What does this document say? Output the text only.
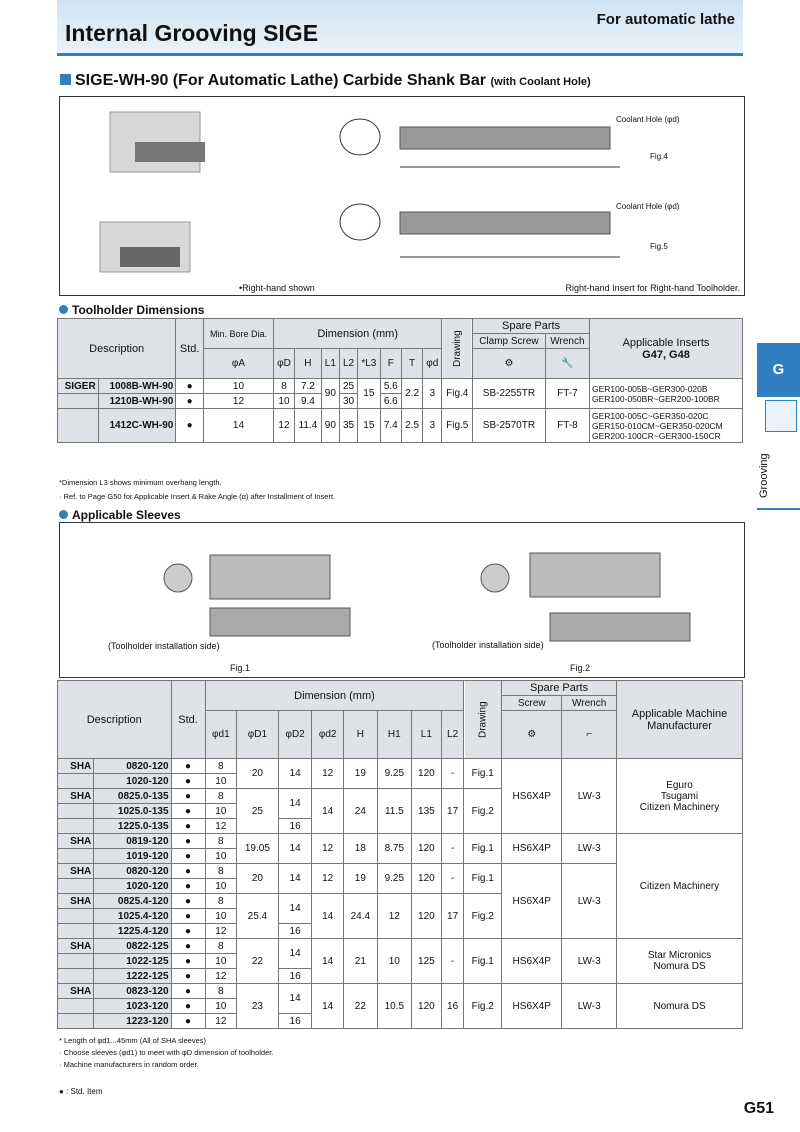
Internal Grooving SIGE
For automatic lathe
SIGE-WH-90 (For Automatic Lathe) Carbide Shank Bar (with Coolant Hole)
Coolant Hole (φd)
Fig.4
Coolant Hole (φd)
Fig.5
•Right-hand shown	Right-hand Insert for Right-hand Toolholder.
Toolholder Dimensions
Description		Std.	Min. Bore Dia.	Dimension (mm)								Drawing	Spare Parts		Applicable Inserts
G47, G48
													Clamp Screw	Wrench	
			φA	φD	H	L1	L2	*L3	F	T	φd		⚙	🔧	
SIGER	1008B-WH-90	●	10	8	7.2	90	25	15	5.6	2.2	3	Fig.4	SB-2255TR	FT-7	GER100-005B~GER300-020B
GER100-050BR~GER200-100BR

	1210B-WH-90	●	12	10	9.4		30		6.6						
	1412C-WH-90	●	14	12	11.4	90	35	15	7.4	2.5	3	Fig.5	SB-2570TR	FT-8	GER100-005C~GER350-020C
GER150-010CM~GER350-020CM
GER200-100CR~GER300-150CR
*Dimension L3 shows minimum overhang length.
· Ref. to Page G50 for Applicable Insert & Rake Angle (α) after Installment of Insert.
Applicable Sleeves
(Toolholder installation side)	(Toolholder installation side)
Fig.1	Fig.2
Description		Std.	Dimension (mm)								Drawing	Spare Parts		Applicable Machine Manufacturer
												Screw	Wrench	
			φd1	φD1	φD2	φd2	H	H1	L1	L2		⚙	⌐	
SHA	0820-120	●	8	20	14	12	19	9.25	120	-	Fig.1	HS6X4P	LW-3	Eguro
Tsugami
Citizen Machinery

	1020-120	●	10											
SHA	0825.0-135	●	8	25	14	14	24	11.5	135	17	Fig.2			
	1025.0-135	●	10											
	1225.0-135	●	12		16									
SHA	0819-120	●	8	19.05	14	12	18	8.75	120	-	Fig.1	HS6X4P	LW-3	Citizen Machinery

	1019-120	●	10											
SHA	0820-120	●	8	20	14	12	19	9.25	120	-	Fig.1	HS6X4P	LW-3	
	1020-120	●	10											
SHA	0825.4-120	●	8	25.4	14	14	24.4	12	120	17	Fig.2			
	1025.4-120	●	10											
	1225.4-120	●	12		16									
SHA	0822-125	●	8	22	14	14	21	10	125	-	Fig.1	HS6X4P	LW-3	Star Micronics
Nomura DS

	1022-125	●	10											
	1222-125	●	12		16									
SHA	0823-120	●	8	23	14	14	22	10.5	120	16	Fig.2	HS6X4P	LW-3	Nomura DS

	1023-120	●	10											
	1223-120	●	12		16									
* Length of φd1...45mm (All of SHA sleeves)
· Choose sleeves (φd1) to meet with φD dimension of toolholder.
· Machine manufacturers in random order.
● : Std. Item
G
Grooving
G51
